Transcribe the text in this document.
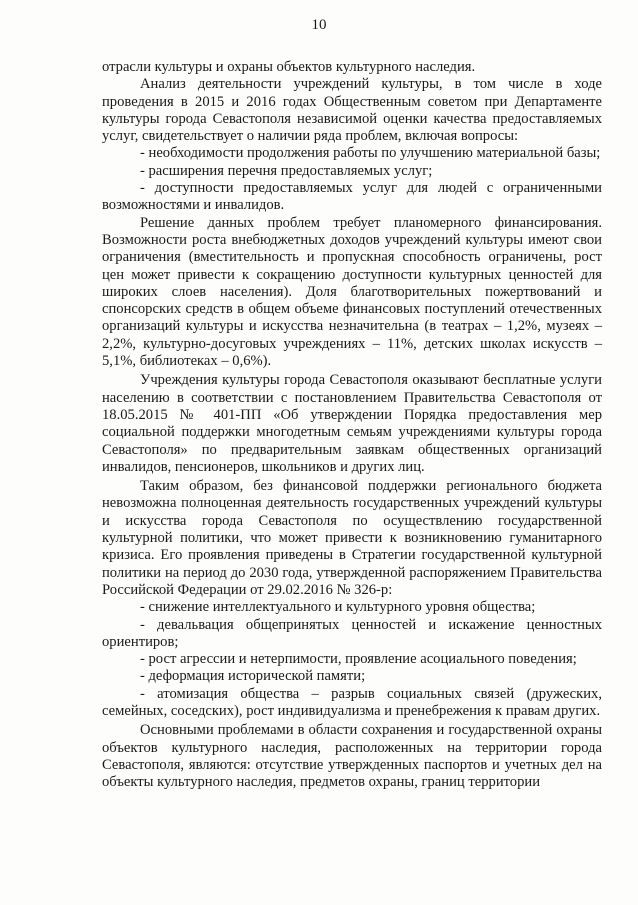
10

отрасли культуры и охраны объектов культурного наследия.

Анализ деятельности учреждений культуры, в том числе в ходе проведения в 2015 и 2016 годах Общественным советом при Департаменте культуры города Севастополя независимой оценки качества предоставляемых услуг, свидетельствует о наличии ряда проблем, включая вопросы:

- необходимости продолжения работы по улучшению материальной базы;

- расширения перечня предоставляемых услуг;

- доступности предоставляемых услуг для людей с ограниченными возможностями и инвалидов.

Решение данных проблем требует планомерного финансирования. Возможности роста внебюджетных доходов учреждений культуры имеют свои ограничения (вместительность и пропускная способность ограничены, рост цен может привести к сокращению доступности культурных ценностей для широких слоев населения). Доля благотворительных пожертвований и спонсорских средств в общем объеме финансовых поступлений отечественных организаций культуры и искусства незначительна (в театрах – 1,2%, музеях – 2,2%, культурно-досуговых учреждениях – 11%, детских школах искусств – 5,1%, библиотеках – 0,6%).

Учреждения культуры города Севастополя оказывают бесплатные услуги населению в соответствии с постановлением Правительства Севастополя от 18.05.2015 № 401-ПП «Об утверждении Порядка предоставления мер социальной поддержки многодетным семьям учреждениями культуры города Севастополя» по предварительным заявкам общественных организаций инвалидов, пенсионеров, школьников и других лиц.

Таким образом, без финансовой поддержки регионального бюджета невозможна полноценная деятельность государственных учреждений культуры и искусства города Севастополя по осуществлению государственной культурной политики, что может привести к возникновению гуманитарного кризиса. Его проявления приведены в Стратегии государственной культурной политики на период до 2030 года, утвержденной распоряжением Правительства Российской Федерации от 29.02.2016 № 326-р:

- снижение интеллектуального и культурного уровня общества;

- девальвация общепринятых ценностей и искажение ценностных ориентиров;

- рост агрессии и нетерпимости, проявление асоциального поведения;

- деформация исторической памяти;

- атомизация общества – разрыв социальных связей (дружеских, семейных, соседских), рост индивидуализма и пренебрежения к правам других.

Основными проблемами в области сохранения и государственной охраны объектов культурного наследия, расположенных на территории города Севастополя, являются: отсутствие утвержденных паспортов и учетных дел на объекты культурного наследия, предметов охраны, границ территории
